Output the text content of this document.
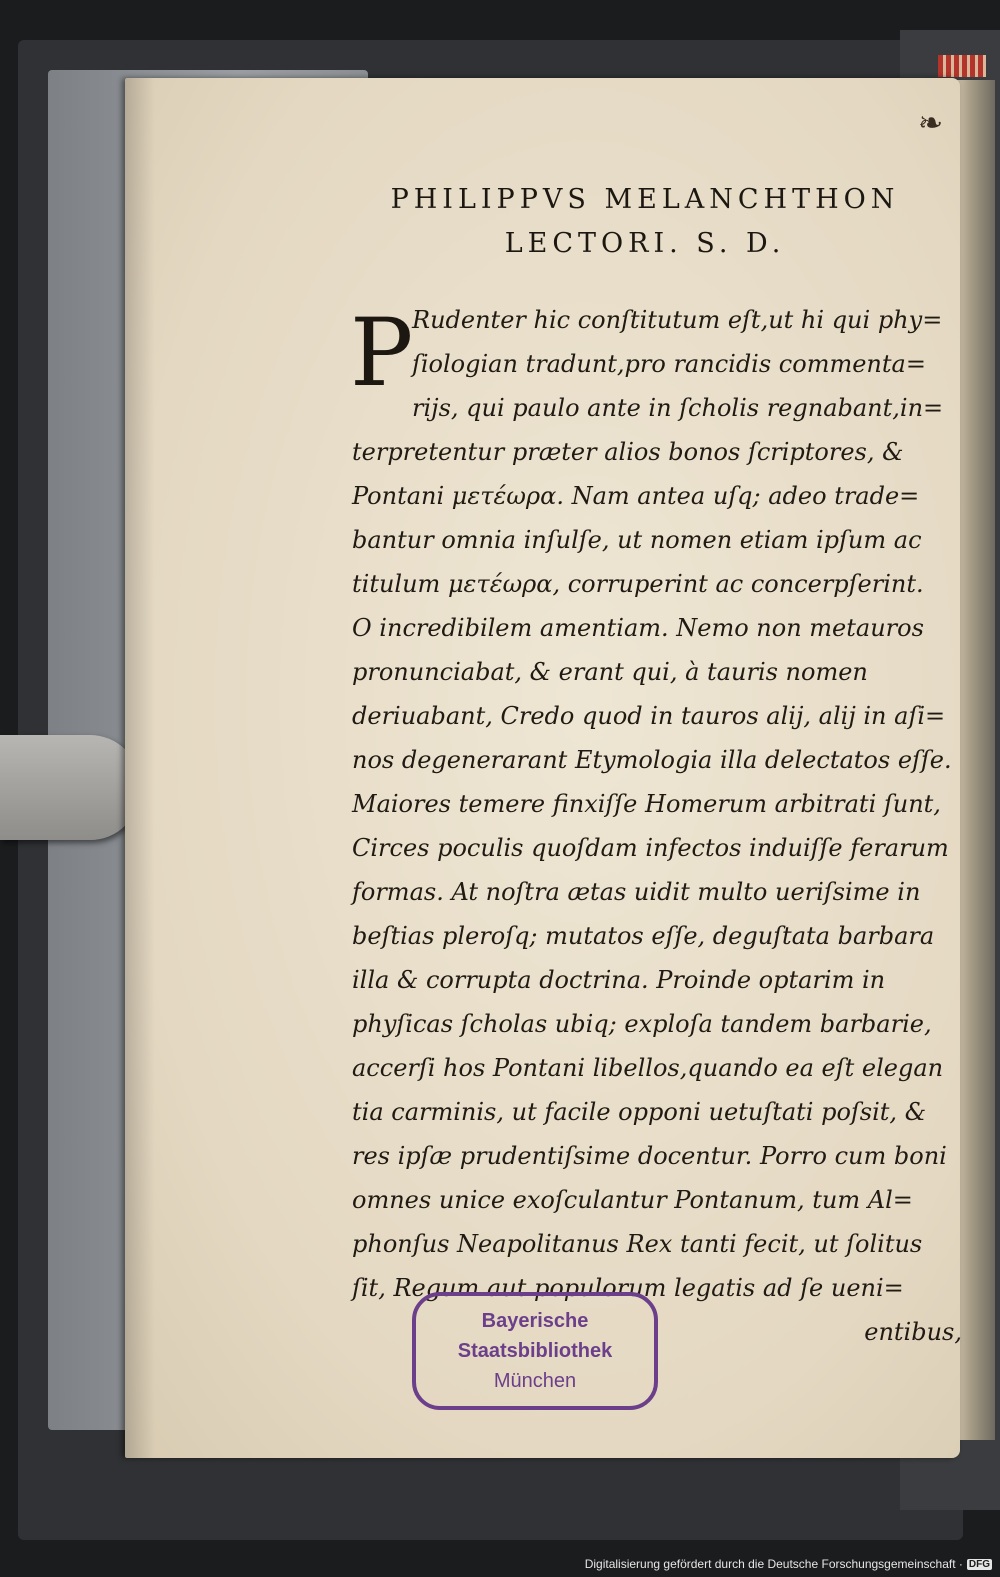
❧
PHILIPPVS MELANCHTHON
LECTORI. S. D.
P
Rudenter hic conſtitutum eſt,ut hi qui phy=
ſiologian tradunt,pro rancidis commenta=
rijs, qui paulo ante in ſcholis regnabant,in=
terpretentur præter alios bonos ſcriptores, &
Pontani μετέωρα. Nam antea uſq; adeo trade=
bantur omnia inſulſe, ut nomen etiam ipſum ac
titulum μετέωρα, corruperint ac concerpſerint.
O incredibilem amentiam. Nemo non metauros
pronunciabat, & erant qui, à tauris nomen
deriuabant, Credo quod in tauros alij, alij in aſi=
nos degenerarant Etymologia illa delectatos eſſe.
Maiores temere finxiſſe Homerum arbitrati ſunt,
Circes poculis quoſdam infectos induiſſe ferarum
formas. At noſtra ætas uidit multo ueriſsime in
beſtias pleroſq; mutatos eſſe, deguſtata barbara
illa & corrupta doctrina. Proinde optarim in
phyſicas ſcholas ubiq; exploſa tandem barbarie,
accerſi hos Pontani libellos,quando ea eſt elegan
tia carminis, ut facile opponi uetuſtati poſsit, &
res ipſæ prudentiſsime docentur. Porro cum boni
omnes unice exoſculantur Pontanum, tum Al=
phonſus Neapolitanus Rex tanti fecit, ut ſolitus
ſit, Regum aut populorum legatis ad ſe ueni=
entibus,
Bayerische
Staatsbibliothek
München
Digitalisierung gefördert durch die Deutsche Forschungsgemeinschaft · DFG
